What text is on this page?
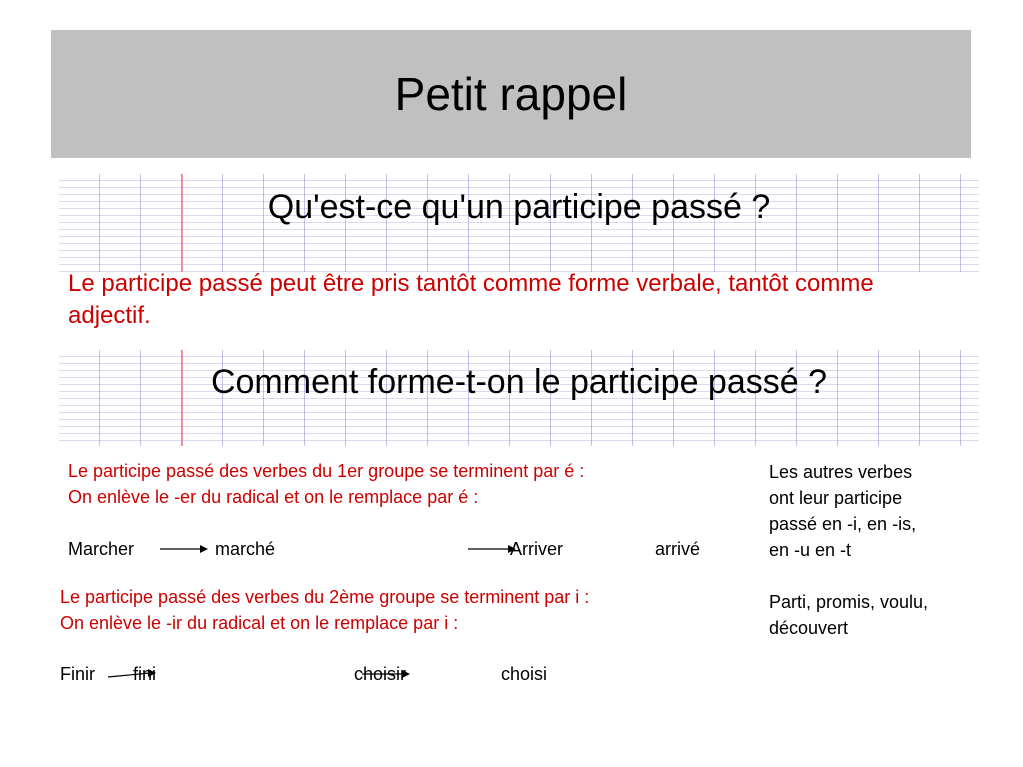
Petit rappel
Qu'est-ce qu'un participe passé ?
Le participe passé peut être pris tantôt comme forme verbale, tantôt comme adjectif.
Comment forme-t-on le participe passé ?
Le participe passé des verbes du 1er groupe se terminent par é :
On enlève le -er du radical et on le remplace par é :
Marcher	marché	Arriver	arrivé
Le participe passé des verbes du 2ème groupe se terminent par i :
On enlève le -ir du radical et on le remplace par i :
Finir fini	choisir	choisi
Les autres verbes
ont leur participe
passé en -i, en -is,
en -u en -t
Parti, promis, voulu,
découvert
